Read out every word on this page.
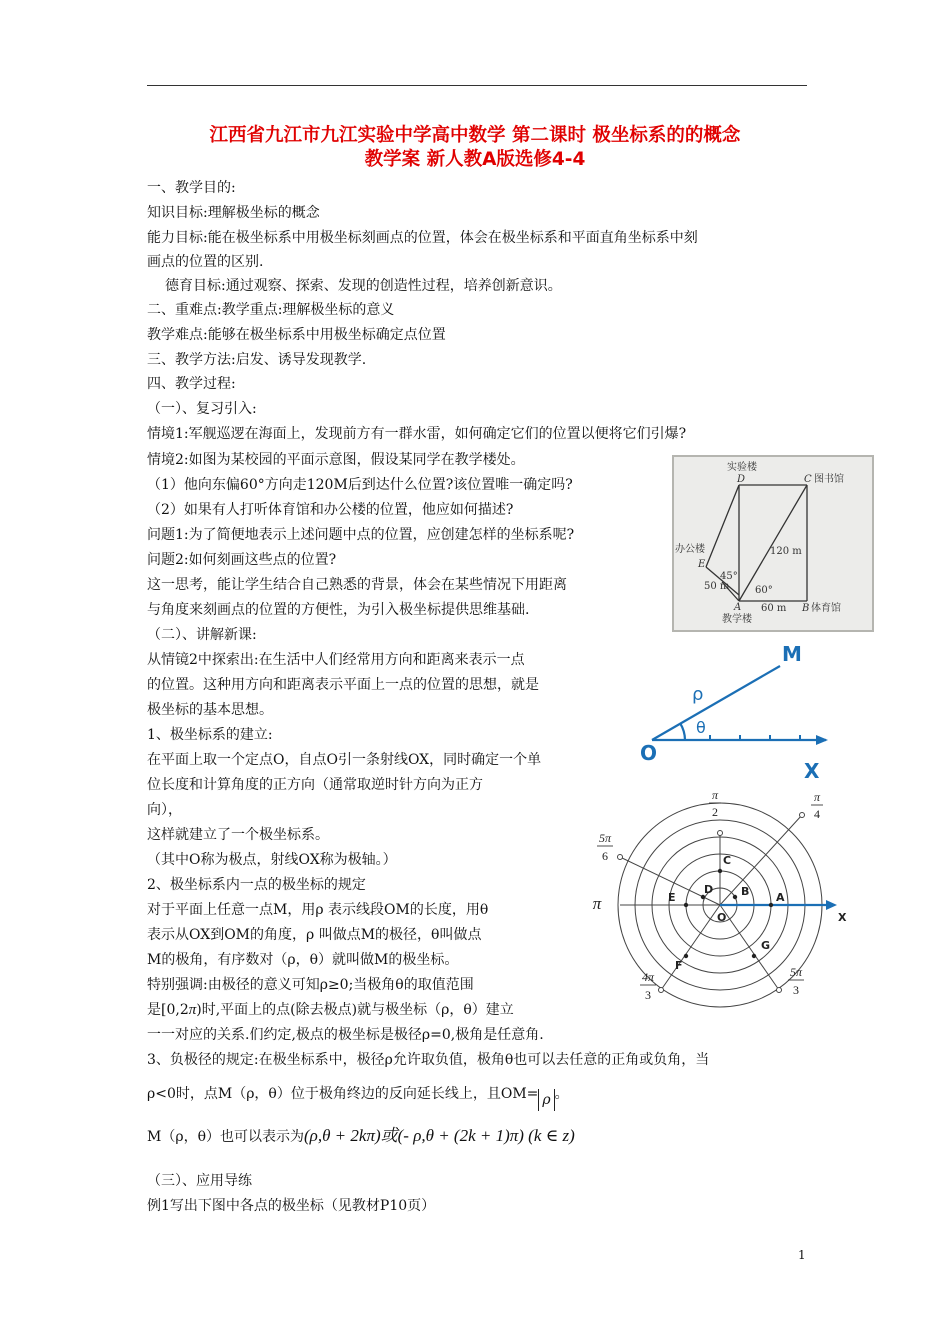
江西省九江市九江实验中学高中数学 第二课时 极坐标系的的概念
教学案 新人教A版选修4-4
一、教学目的:
知识目标:理解极坐标的概念
能力目标:能在极坐标系中用极坐标刻画点的位置，体会在极坐标系和平面直角坐标系中刻
画点的位置的区别.
德育目标:通过观察、探索、发现的创造性过程，培养创新意识。
二、重难点:教学重点:理解极坐标的意义
教学难点:能够在极坐标系中用极坐标确定点位置
三、教学方法:启发、诱导发现教学.
四、教学过程:
（一）、复习引入:
情境1:军舰巡逻在海面上，发现前方有一群水雷，如何确定它们的位置以便将它们引爆?
情境2:如图为某校园的平面示意图，假设某同学在教学楼处。
（1）他向东偏60°方向走120M后到达什么位置?该位置唯一确定吗?
（2）如果有人打听体育馆和办公楼的位置，他应如何描述?
问题1:为了简便地表示上述问题中点的位置，应创建怎样的坐标系呢?
问题2:如何刻画这些点的位置?
这一思考，能让学生结合自己熟悉的背景，体会在某些情况下用距离
与角度来刻画点的位置的方便性，为引入极坐标提供思维基础.
（二）、讲解新课:
从情镜2中探索出:在生活中人们经常用方向和距离来表示一点
的位置。这种用方向和距离表示平面上一点的位置的思想，就是
极坐标的基本思想。
1、极坐标系的建立:
在平面上取一个定点O，自点O引一条射线OX，同时确定一个单
位长度和计算角度的正方向（通常取逆时针方向为正方
向），
这样就建立了一个极坐标系。
（其中O称为极点，射线OX称为极轴。）
2、极坐标系内一点的极坐标的规定
对于平面上任意一点M，用ρ 表示线段OM的长度，用θ
表示从OX到OM的角度，ρ 叫做点M的极径，θ叫做点
M的极角，有序数对（ρ，θ）就叫做M的极坐标。
特别强调:由极径的意义可知ρ≥0;当极角θ的取值范围
是[0,2π)时,平面上的点(除去极点)就与极坐标（ρ，θ）建立
一一对应的关系.们约定,极点的极坐标是极径ρ=0,极角是任意角.
3、负极径的规定:在极坐标系中，极径ρ允许取负值，极角θ也可以去任意的正角或负角，当
ρ<0时，点M（ρ，θ）位于极角终边的反向延长线上，且OM= ρ 。
M（ρ，θ）也可以表示为(ρ,θ + 2kπ)或(- ρ,θ + (2k + 1)π) (k ∈ z)
（三）、应用导练
例1写出下图中各点的极坐标（见教材P10页）
实验楼
D	C 图书馆
办公楼
E
120 m
45°
50 m	60°
A 60 m B 体育馆
教学楼
M
ρ
θ
O
X
π
2
π
4
5π
6
π
4π
3
5π
3
C
D	B
E	A
O
F
G
X
1
